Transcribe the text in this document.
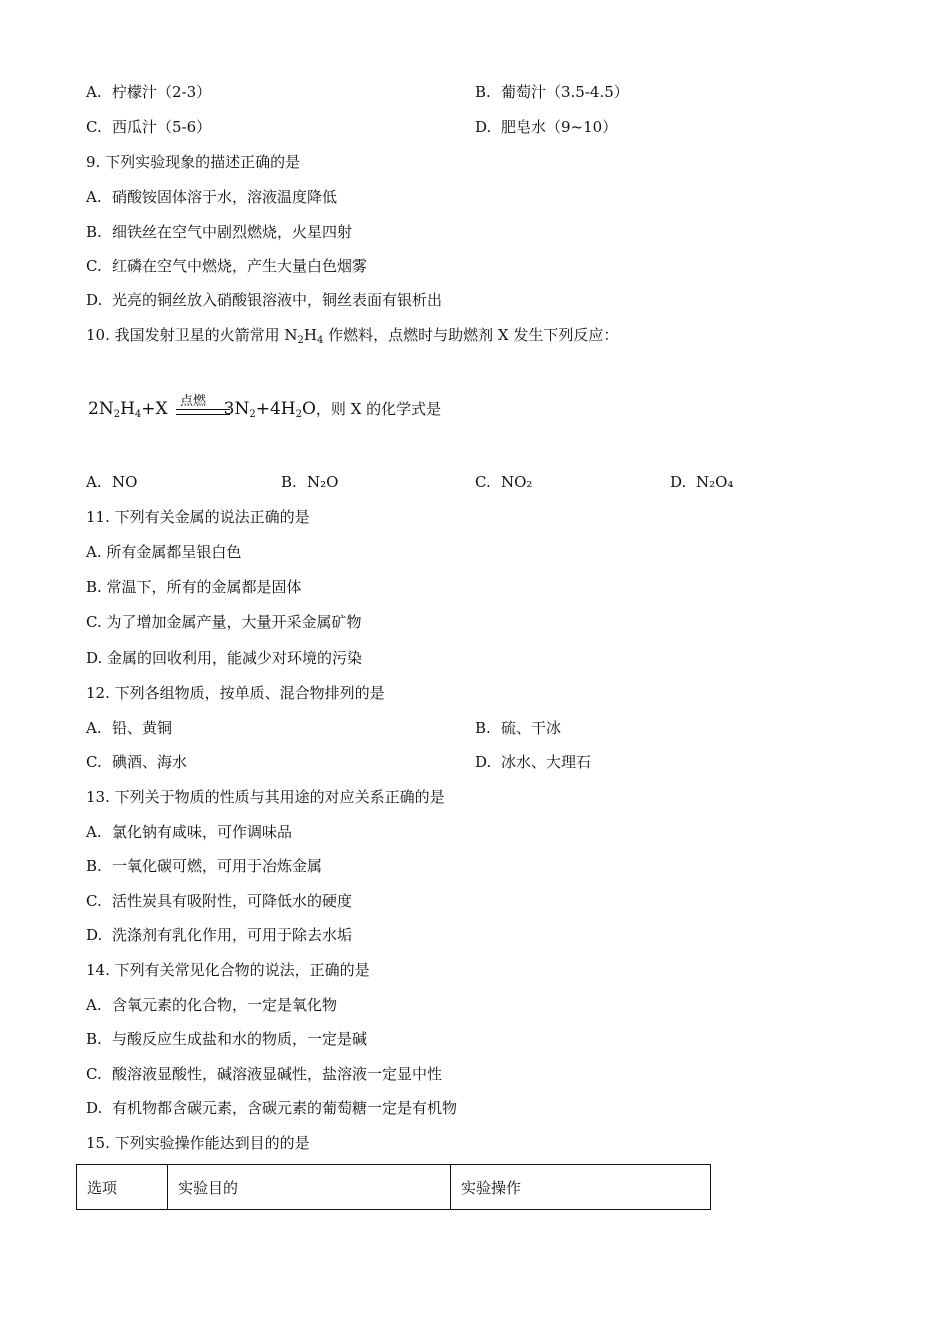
A. 柠檬汁（2-3）	B. 葡萄汁（3.5-4.5）
C. 西瓜汁（5-6）	D. 肥皂水（9~10）
9. 下列实验现象的描述正确的是
A. 硝酸铵固体溶于水，溶液温度降低
B. 细铁丝在空气中剧烈燃烧，火星四射
C. 红磷在空气中燃烧，产生大量白色烟雾
D. 光亮的铜丝放入硝酸银溶液中，铜丝表面有银析出
10. 我国发射卫星的火箭常用 $N_2H_4$ 作燃料，点燃时与助燃剂 X 发生下列反应：
$2N_2H_4+X$	$3N_2+4H_2O$，则 X 的化学式是
点燃
A. NO	B. N₂O	C. NO₂	D. N₂O₄
11. 下列有关金属的说法正确的是
A. 所有金属都呈银白色
B. 常温下，所有的金属都是固体
C. 为了增加金属产量，大量开采金属矿物
D. 金属的回收利用，能减少对环境的污染
12. 下列各组物质，按单质、混合物排列的是
A. 铅、黄铜	B. 硫、干冰
C. 碘酒、海水	D. 冰水、大理石
13. 下列关于物质的性质与其用途的对应关系正确的是
A. 氯化钠有咸味，可作调味品
B. 一氧化碳可燃，可用于冶炼金属
C. 活性炭具有吸附性，可降低水的硬度
D. 洗涤剂有乳化作用，可用于除去水垢
14. 下列有关常见化合物的说法，正确的是
A. 含氧元素的化合物，一定是氧化物
B. 与酸反应生成盐和水的物质，一定是碱
C. 酸溶液显酸性，碱溶液显碱性，盐溶液一定显中性
D. 有机物都含碳元素，含碳元素的葡萄糖一定是有机物
15. 下列实验操作能达到目的的是
选项	实验目的	实验操作
